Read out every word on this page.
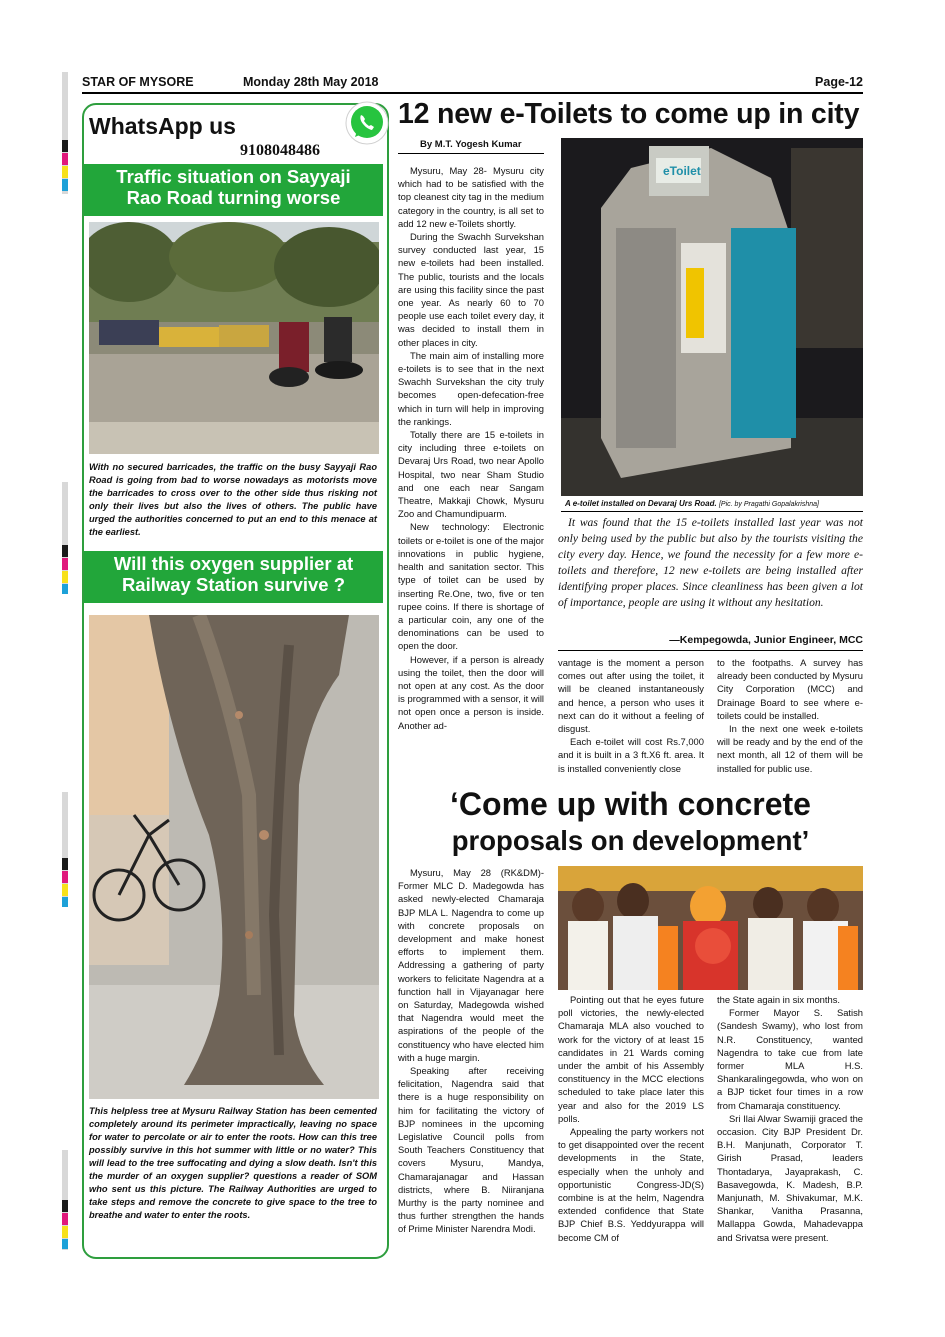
STAR OF MYSORE	Monday 28th May 2018	Page-12
WhatsApp us
9108048486
Traffic situation on Sayyaji
Rao Road turning worse
With no secured barricades, the traffic on the busy Sayyaji Rao Road is going from bad to worse nowadays as motorists move the barricades to cross over to the other side thus risking not only their lives but also the lives of others. The public have urged the authorities concerned to put an end to this menace at the earliest.
Will this oxygen supplier at
Railway Station survive ?
This helpless tree at Mysuru Railway Station has been cemented completely around its perimeter impractically, leaving no space for water to percolate or air to enter the roots. How can this tree possibly survive in this hot summer with little or no water? This will lead to the tree suffocating and dying a slow death. Isn't this the murder of an oxygen supplier? questions a reader of SOM who sent us this picture. The Railway Authorities are urged to take steps and remove the concrete to give space to the tree to breathe and water to enter the roots.
12 new e-Toilets to come up in city
By M.T. Yogesh Kumar

Mysuru, May 28- Mysuru city which had to be satisfied with the top cleanest city tag in the medium category in the country, is all set to add 12 new e-Toilets shortly.

During the Swachh Survekshan survey conducted last year, 15 new e-toilets had been installed. The public, tourists and the locals are using this facility since the past one year. As nearly 60 to 70 people use each toilet every day, it was decided to install them in other places in city.

The main aim of installing more e-toilets is to see that in the next Swachh Survekshan the city truly becomes open-defecation-free which in turn will help in improving the rankings.

Totally there are 15 e-toilets in city including three e-toilets on Devaraj Urs Road, two near Apollo Hospital, two near Sham Studio and one each near Sangam Theatre, Makkaji Chowk, Mysuru Zoo and Chamundipuarm.

New technology: Electronic toilets or e-toilet is one of the major innovations in public hygiene, health and sanitation sector. This type of toilet can be used by inserting Re.One, two, five or ten rupee coins. If there is shortage of a particular coin, any one of the denominations can be used to open the door.

However, if a person is already using the toilet, then the door will not open at any cost. As the door is programmed with a sensor, it will not open once a person is inside. Another ad-

eToilet
A e-toilet installed on Devaraj Urs Road. [Pic. by Pragathi Gopalakrishna]
It was found that the 15 e-toilets installed last year was not only being used by the public but also by the tourists visiting the city every day. Hence, we found the necessity for a few more e-toilets and therefore, 12 new e-toilets are being installed after identifying proper places. Since cleanliness has been given a lot of importance, people are using it without any hesitation.
—Kempegowda, Junior Engineer, MCC

vantage is the moment a person comes out after using the toilet, it will be cleaned instantaneously and hence, a person who uses it next can do it without a feeling of disgust.

Each e-toilet will cost Rs.7,000 and it is built in a 3 ft.X6 ft. area. It is installed conveniently close

to the footpaths. A survey has already been conducted by Mysuru City Corporation (MCC) and Drainage Board to see where e-toilets could be installed.

In the next one week e-toilets will be ready and by the end of the next month, all 12 of them will be installed for public use.

‘Come up with concrete
proposals on development’

Mysuru, May 28 (RK&DM)- Former MLC D. Madegowda has asked newly-elected Chamaraja BJP MLA L. Nagendra to come up with concrete proposals on development and make honest efforts to implement them. Addressing a gathering of party workers to felicitate Nagendra at a function hall in Vijayanagar here on Saturday, Madegowda wished that Nagendra would meet the aspirations of the people of the constituency who have elected him with a huge margin.

Speaking after receiving felicitation, Nagendra said that there is a huge responsibility on him for facilitating the victory of BJP nominees in the upcoming Legislative Council polls from South Teachers Constituency that covers Mysuru, Mandya, Chamarajanagar and Hassan districts, where B. Niiranjana Murthy is the party nominee and thus further strengthen the hands of Prime Minister Narendra Modi.

Pointing out that he eyes future poll victories, the newly-elected Chamaraja MLA also vouched to work for the victory of at least 15 candidates in 21 Wards coming under the ambit of his Assembly constituency in the MCC elections scheduled to take place later this year and also for the 2019 LS polls.

Appealing the party workers not to get disappointed over the recent developments in the State, especially when the unholy and opportunistic Congress-JD(S) combine is at the helm, Nagendra extended confidence that State BJP Chief B.S. Yeddyurappa will become CM of

the State again in six months.

Former Mayor S. Satish (Sandesh Swamy), who lost from N.R. Constituency, wanted Nagendra to take cue from late former MLA H.S. Shankaralingegowda, who won on a BJP ticket four times in a row from Chamaraja constituency.

Sri Ilai Alwar Swamiji graced the occasion. City BJP President Dr. B.H. Manjunath, Corporator T. Girish Prasad, leaders Thontadarya, Jayaprakash, C. Basavegowda, K. Madesh, B.P. Manjunath, M. Shivakumar, M.K. Shankar, Vanitha Prasanna, Mallappa Gowda, Mahadevappa and Srivatsa were present.
